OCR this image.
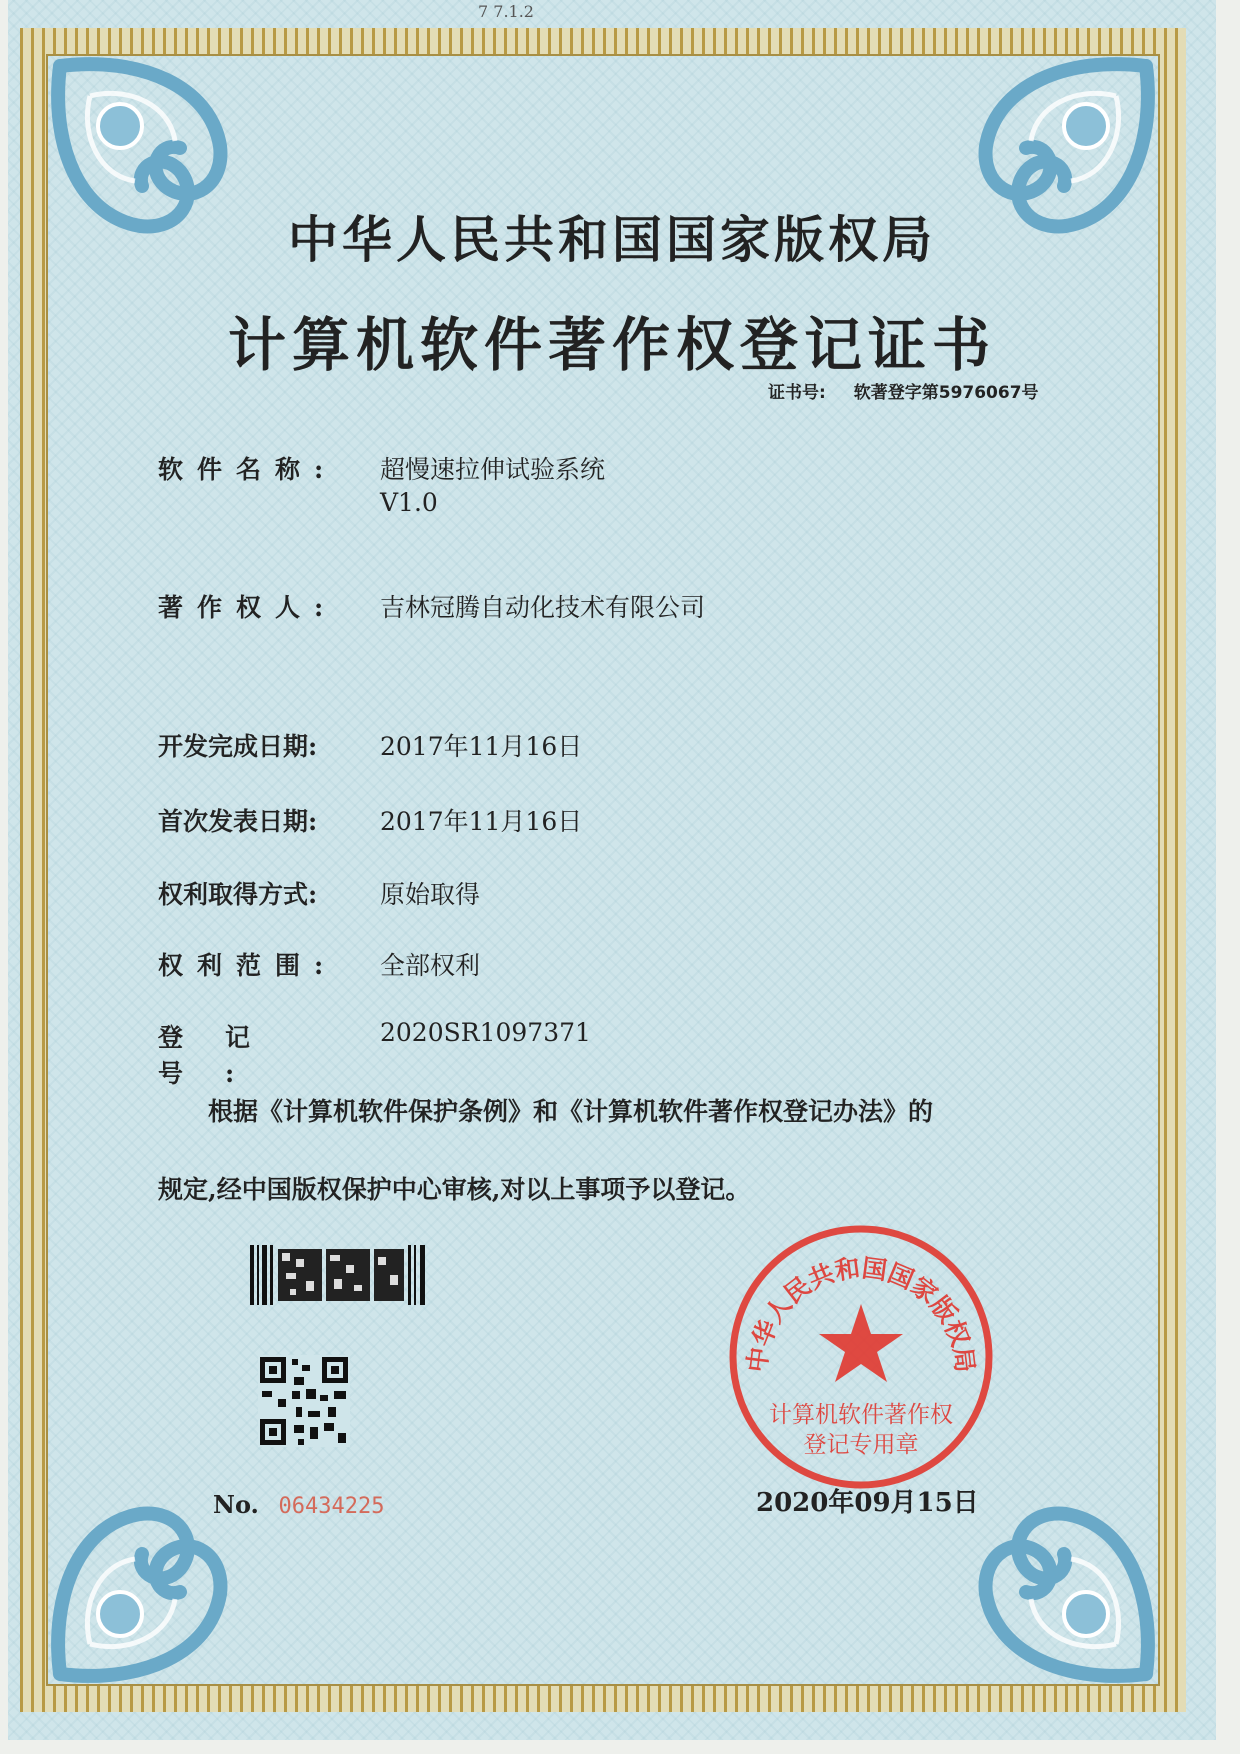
7 7.1.2
中华人民共和国国家版权局
计算机软件著作权登记证书
证书号: 软著登字第5976067号
软件名称: 超慢速拉伸试验系统
V1.0
著作权人: 吉林冠腾自动化技术有限公司
开发完成日期:	2017年11月16日
首次发表日期:	2017年11月16日
权利取得方式:	原始取得
权利范围: 全部权利
登记号:
2020SR1097371
根据《计算机软件保护条例》和《计算机软件著作权登记办法》的
规定,经中国版权保护中心审核,对以上事项予以登记。
No. 06434225
中华人民共和国国家版权局
计算机软件著作权
登记专用章
2020年09月15日
